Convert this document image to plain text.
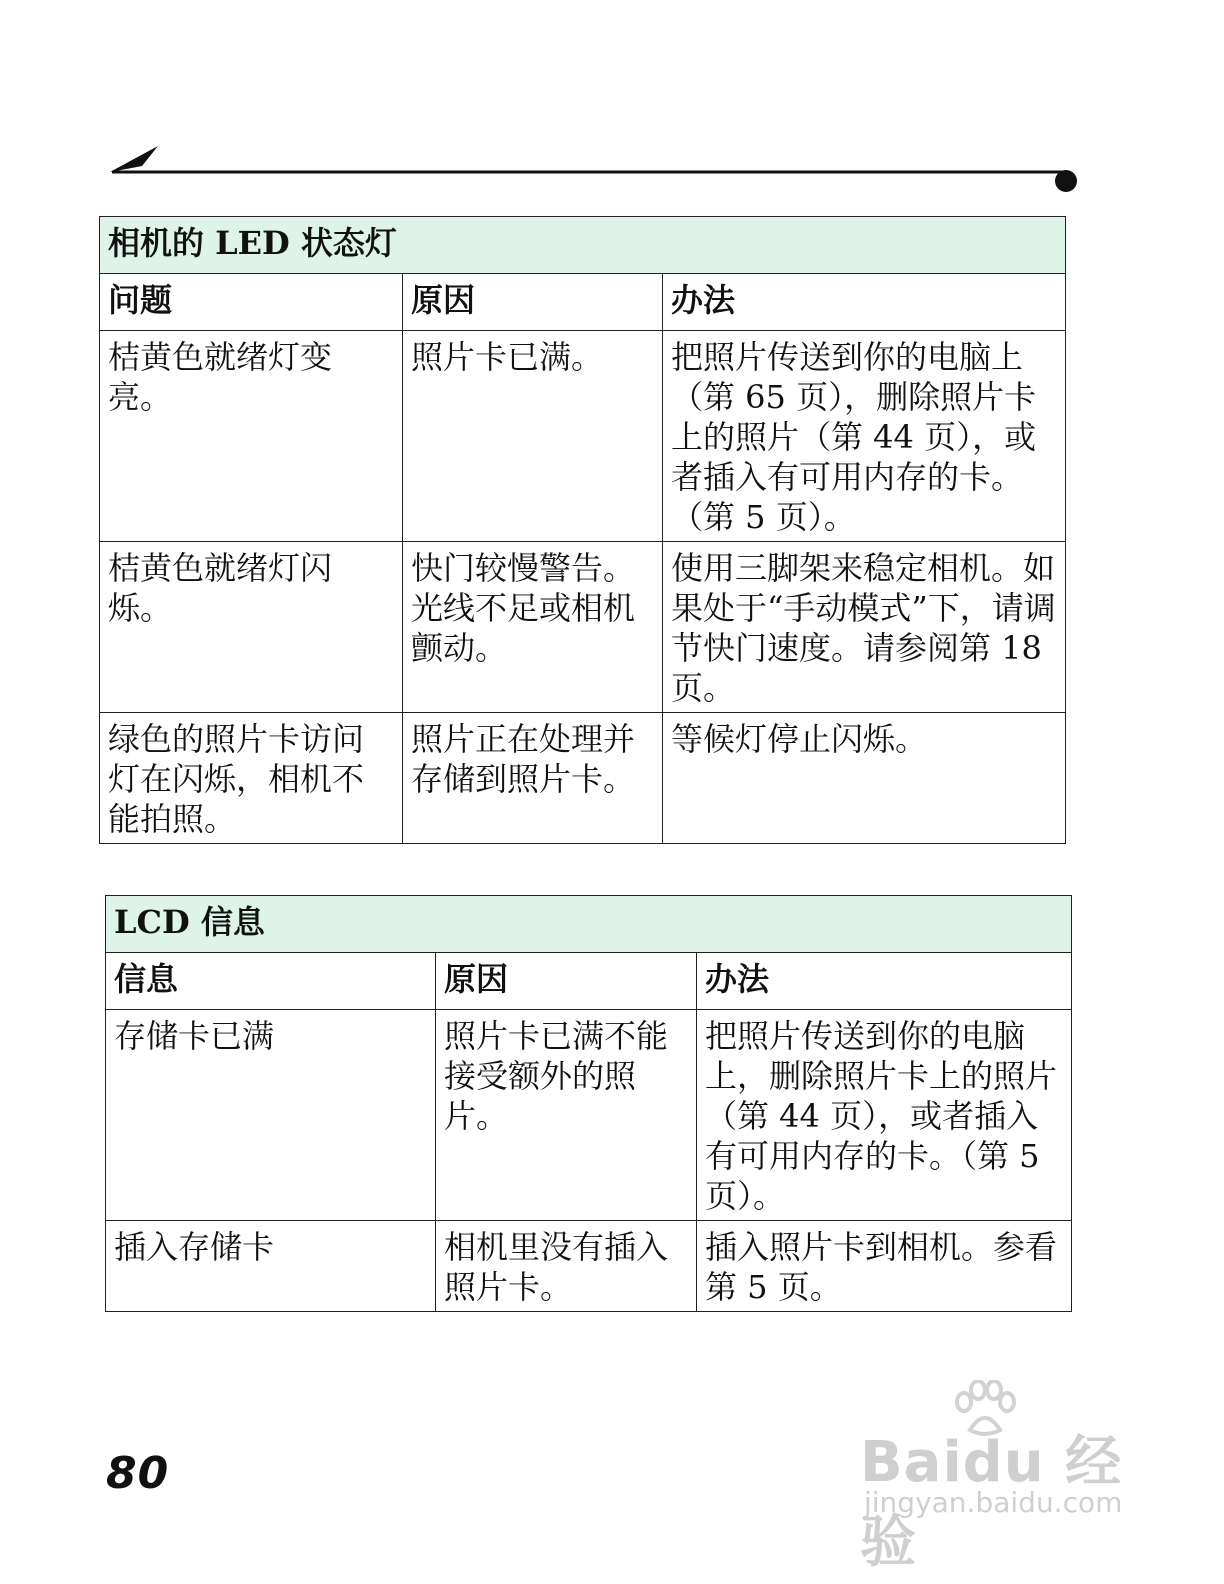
相机的 LED 状态灯		
问题	原因	办法
桔黄色就绪灯变亮。	照片卡已满。	把照片传送到你的电脑上（第 65 页），删除照片卡上的照片（第 44 页），或者插入有可用内存的卡。（第 5 页）。
桔黄色就绪灯闪烁。	快门较慢警告。光线不足或相机颤动。	使用三脚架来稳定相机。如果处于“手动模式”下，请调节快门速度。请参阅第 18 页。
绿色的照片卡访问灯在闪烁，相机不能拍照。	照片正在处理并存储到照片卡。	等候灯停止闪烁。
LCD 信息		
信息	原因	办法
存储卡已满	照片卡已满不能接受额外的照片。	把照片传送到你的电脑上，删除照片卡上的照片（第 44 页），或者插入有可用内存的卡。（第 5 页）。
插入存储卡	相机里没有插入照片卡。	插入照片卡到相机。参看第 5 页。
80	Baidu 经验
jingyan.baidu.com
